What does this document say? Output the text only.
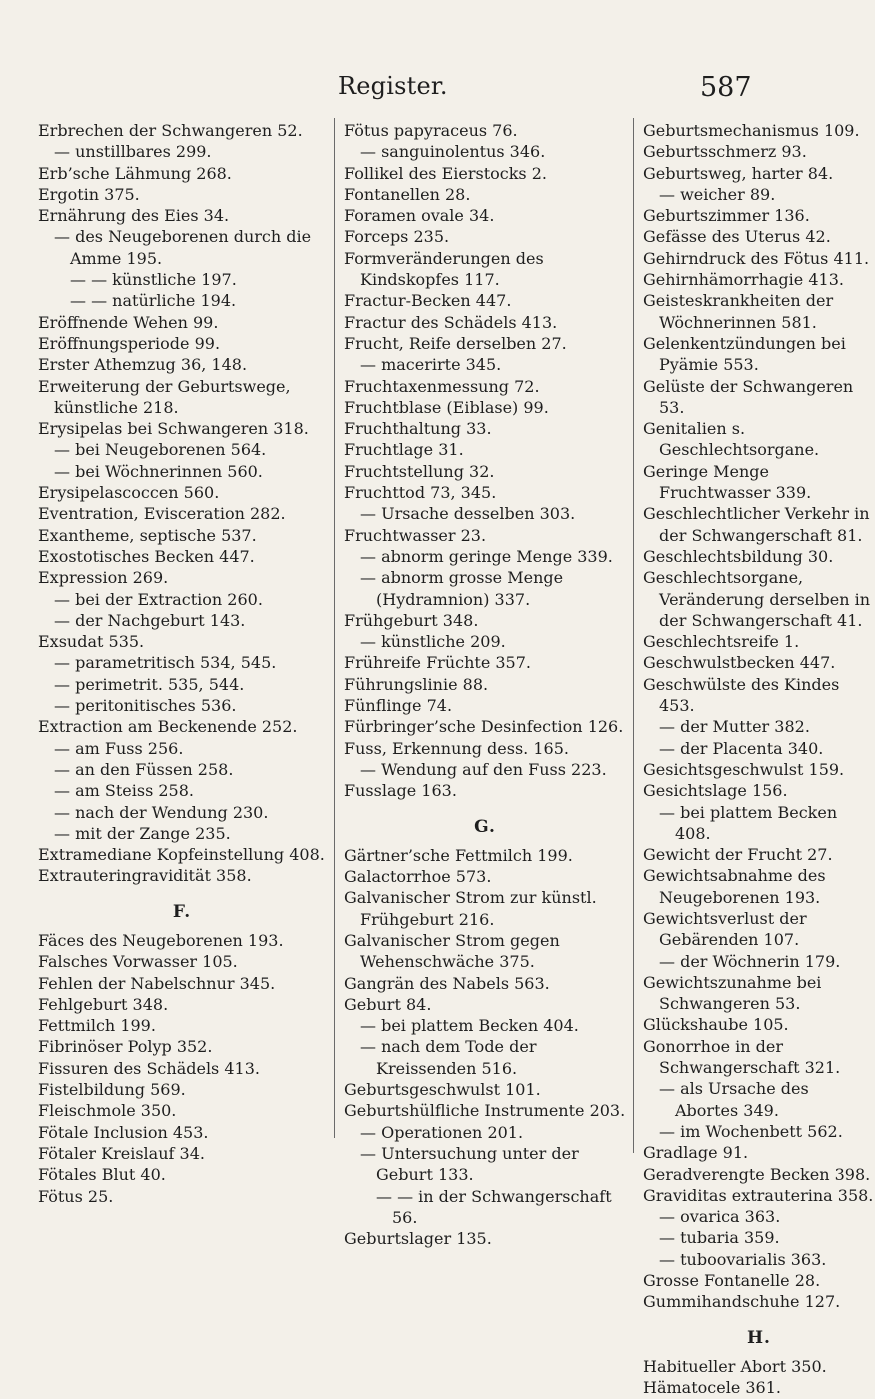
Register.	587
Erbrechen der Schwangeren 52.
— unstillbares 299.
Erb’sche Lähmung 268.
Ergotin 375.
Ernährung des Eies 34.
— des Neugeborenen durch die Amme 195.
— — künstliche 197.
— — natürliche 194.
Eröffnende Wehen 99.
Eröffnungsperiode 99.
Erster Athemzug 36, 148.
Erweiterung der Geburtswege, künstliche 218.
Erysipelas bei Schwangeren 318.
— bei Neugeborenen 564.
— bei Wöchnerinnen 560.
Erysipelascoccen 560.
Eventration, Evisceration 282.
Exantheme, septische 537.
Exostotisches Becken 447.
Expression 269.
— bei der Extraction 260.
— der Nachgeburt 143.
Exsudat 535.
— parametritisch 534, 545.
— perimetrit. 535, 544.
— peritonitisches 536.
Extraction am Beckenende 252.
— am Fuss 256.
— an den Füssen 258.
— am Steiss 258.
— nach der Wendung 230.
— mit der Zange 235.
Extramediane Kopfeinstellung 408.
Extrauteringravidität 358.
F.
Fäces des Neugeborenen 193.
Falsches Vorwasser 105.
Fehlen der Nabelschnur 345.
Fehlgeburt 348.
Fettmilch 199.
Fibrinöser Polyp 352.
Fissuren des Schädels 413.
Fistelbildung 569.
Fleischmole 350.
Fötale Inclusion 453.
Fötaler Kreislauf 34.
Fötales Blut 40.
Fötus 25.
Fötus papyraceus 76.
— sanguinolentus 346.
Follikel des Eierstocks 2.
Fontanellen 28.
Foramen ovale 34.
Forceps 235.
Formveränderungen des Kindskopfes 117.
Fractur-Becken 447.
Fractur des Schädels 413.
Frucht, Reife derselben 27.
— macerirte 345.
Fruchtaxenmessung 72.
Fruchtblase (Eiblase) 99.
Fruchthaltung 33.
Fruchtlage 31.
Fruchtstellung 32.
Fruchttod 73, 345.
— Ursache desselben 303.
Fruchtwasser 23.
— abnorm geringe Menge 339.
— abnorm grosse Menge (Hydramnion) 337.
Frühgeburt 348.
— künstliche 209.
Frühreife Früchte 357.
Führungslinie 88.
Fünflinge 74.
Fürbringer’sche Desinfection 126.
Fuss, Erkennung dess. 165.
— Wendung auf den Fuss 223.
Fusslage 163.
G.
Gärtner’sche Fettmilch 199.
Galactorrhoe 573.
Galvanischer Strom zur künstl. Frühgeburt 216.
Galvanischer Strom gegen Wehenschwäche 375.
Gangrän des Nabels 563.
Geburt 84.
— bei plattem Becken 404.
— nach dem Tode der Kreissenden 516.
Geburtsgeschwulst 101.
Geburtshülfliche Instrumente 203.
— Operationen 201.
— Untersuchung unter der Geburt 133.
— — in der Schwangerschaft 56.
Geburtslager 135.
Geburtsmechanismus 109.
Geburtsschmerz 93.
Geburtsweg, harter 84.
— weicher 89.
Geburtszimmer 136.
Gefässe des Uterus 42.
Gehirndruck des Fötus 411.
Gehirnhämorrhagie 413.
Geisteskrankheiten der Wöchnerinnen 581.
Gelenkentzündungen bei Pyämie 553.
Gelüste der Schwangeren 53.
Genitalien s. Geschlechtsorgane.
Geringe Menge Fruchtwasser 339.
Geschlechtlicher Verkehr in der Schwangerschaft 81.
Geschlechtsbildung 30.
Geschlechtsorgane, Veränderung derselben in der Schwangerschaft 41.
Geschlechtsreife 1.
Geschwulstbecken 447.
Geschwülste des Kindes 453.
— der Mutter 382.
— der Placenta 340.
Gesichtsgeschwulst 159.
Gesichtslage 156.
— bei plattem Becken 408.
Gewicht der Frucht 27.
Gewichtsabnahme des Neugeborenen 193.
Gewichtsverlust der Gebärenden 107.
— der Wöchnerin 179.
Gewichtszunahme bei Schwangeren 53.
Glückshaube 105.
Gonorrhoe in der Schwangerschaft 321.
— als Ursache des Abortes 349.
— im Wochenbett 562.
Gradlage 91.
Geradverengte Becken 398.
Graviditas extrauterina 358.
— ovarica 363.
— tubaria 359.
— tuboovarialis 363.
Grosse Fontanelle 28.
Gummihandschuhe 127.
H.
Habitueller Abort 350.
Hämatocele 361.
